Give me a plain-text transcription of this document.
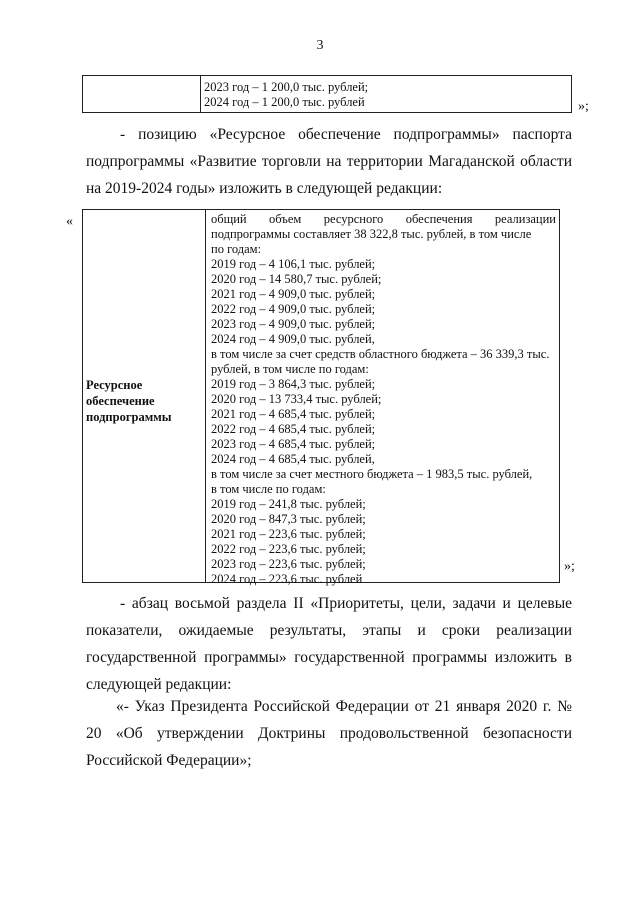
3
2023 год – 1 200,0 тыс. рублей;
2024 год – 1 200,0 тыс. рублей	»;
- позицию «Ресурсное обеспечение подпрограммы» паспорта подпрограммы «Развитие торговли на территории Магаданской области на 2019-2024 годы» изложить в следующей редакции:
«
Ресурсное обеспечение подпрограммы
общий объем ресурсного обеспечения реализации
подпрограммы составляет 38 322,8 тыс. рублей, в том числе
по годам:
2019 год – 4 106,1 тыс. рублей;
2020 год – 14 580,7 тыс. рублей;
2021 год – 4 909,0 тыс. рублей;
2022 год – 4 909,0 тыс. рублей;
2023 год – 4 909,0 тыс. рублей;
2024 год – 4 909,0 тыс. рублей,
в том числе за счет средств областного бюджета – 36 339,3 тыс.
рублей, в том числе по годам:
2019 год – 3 864,3 тыс. рублей;
2020 год – 13 733,4 тыс. рублей;
2021 год – 4 685,4 тыс. рублей;
2022 год – 4 685,4 тыс. рублей;
2023 год – 4 685,4 тыс. рублей;
2024 год – 4 685,4 тыс. рублей,
в том числе за счет местного бюджета – 1 983,5 тыс. рублей,
в том числе по годам:
2019 год – 241,8 тыс. рублей;
2020 год – 847,3 тыс. рублей;
2021 год – 223,6 тыс. рублей;
2022 год – 223,6 тыс. рублей;
2023 год – 223,6 тыс. рублей;
2024 год – 223,6 тыс. рублей
»;
- абзац восьмой раздела II «Приоритеты, цели, задачи и целевые показатели, ожидаемые результаты, этапы и сроки реализации государственной программы» государственной программы изложить в следующей редакции:
«- Указ Президента Российской Федерации от 21 января 2020 г. № 20 «Об утверждении Доктрины продовольственной безопасности Российской Федерации»;
